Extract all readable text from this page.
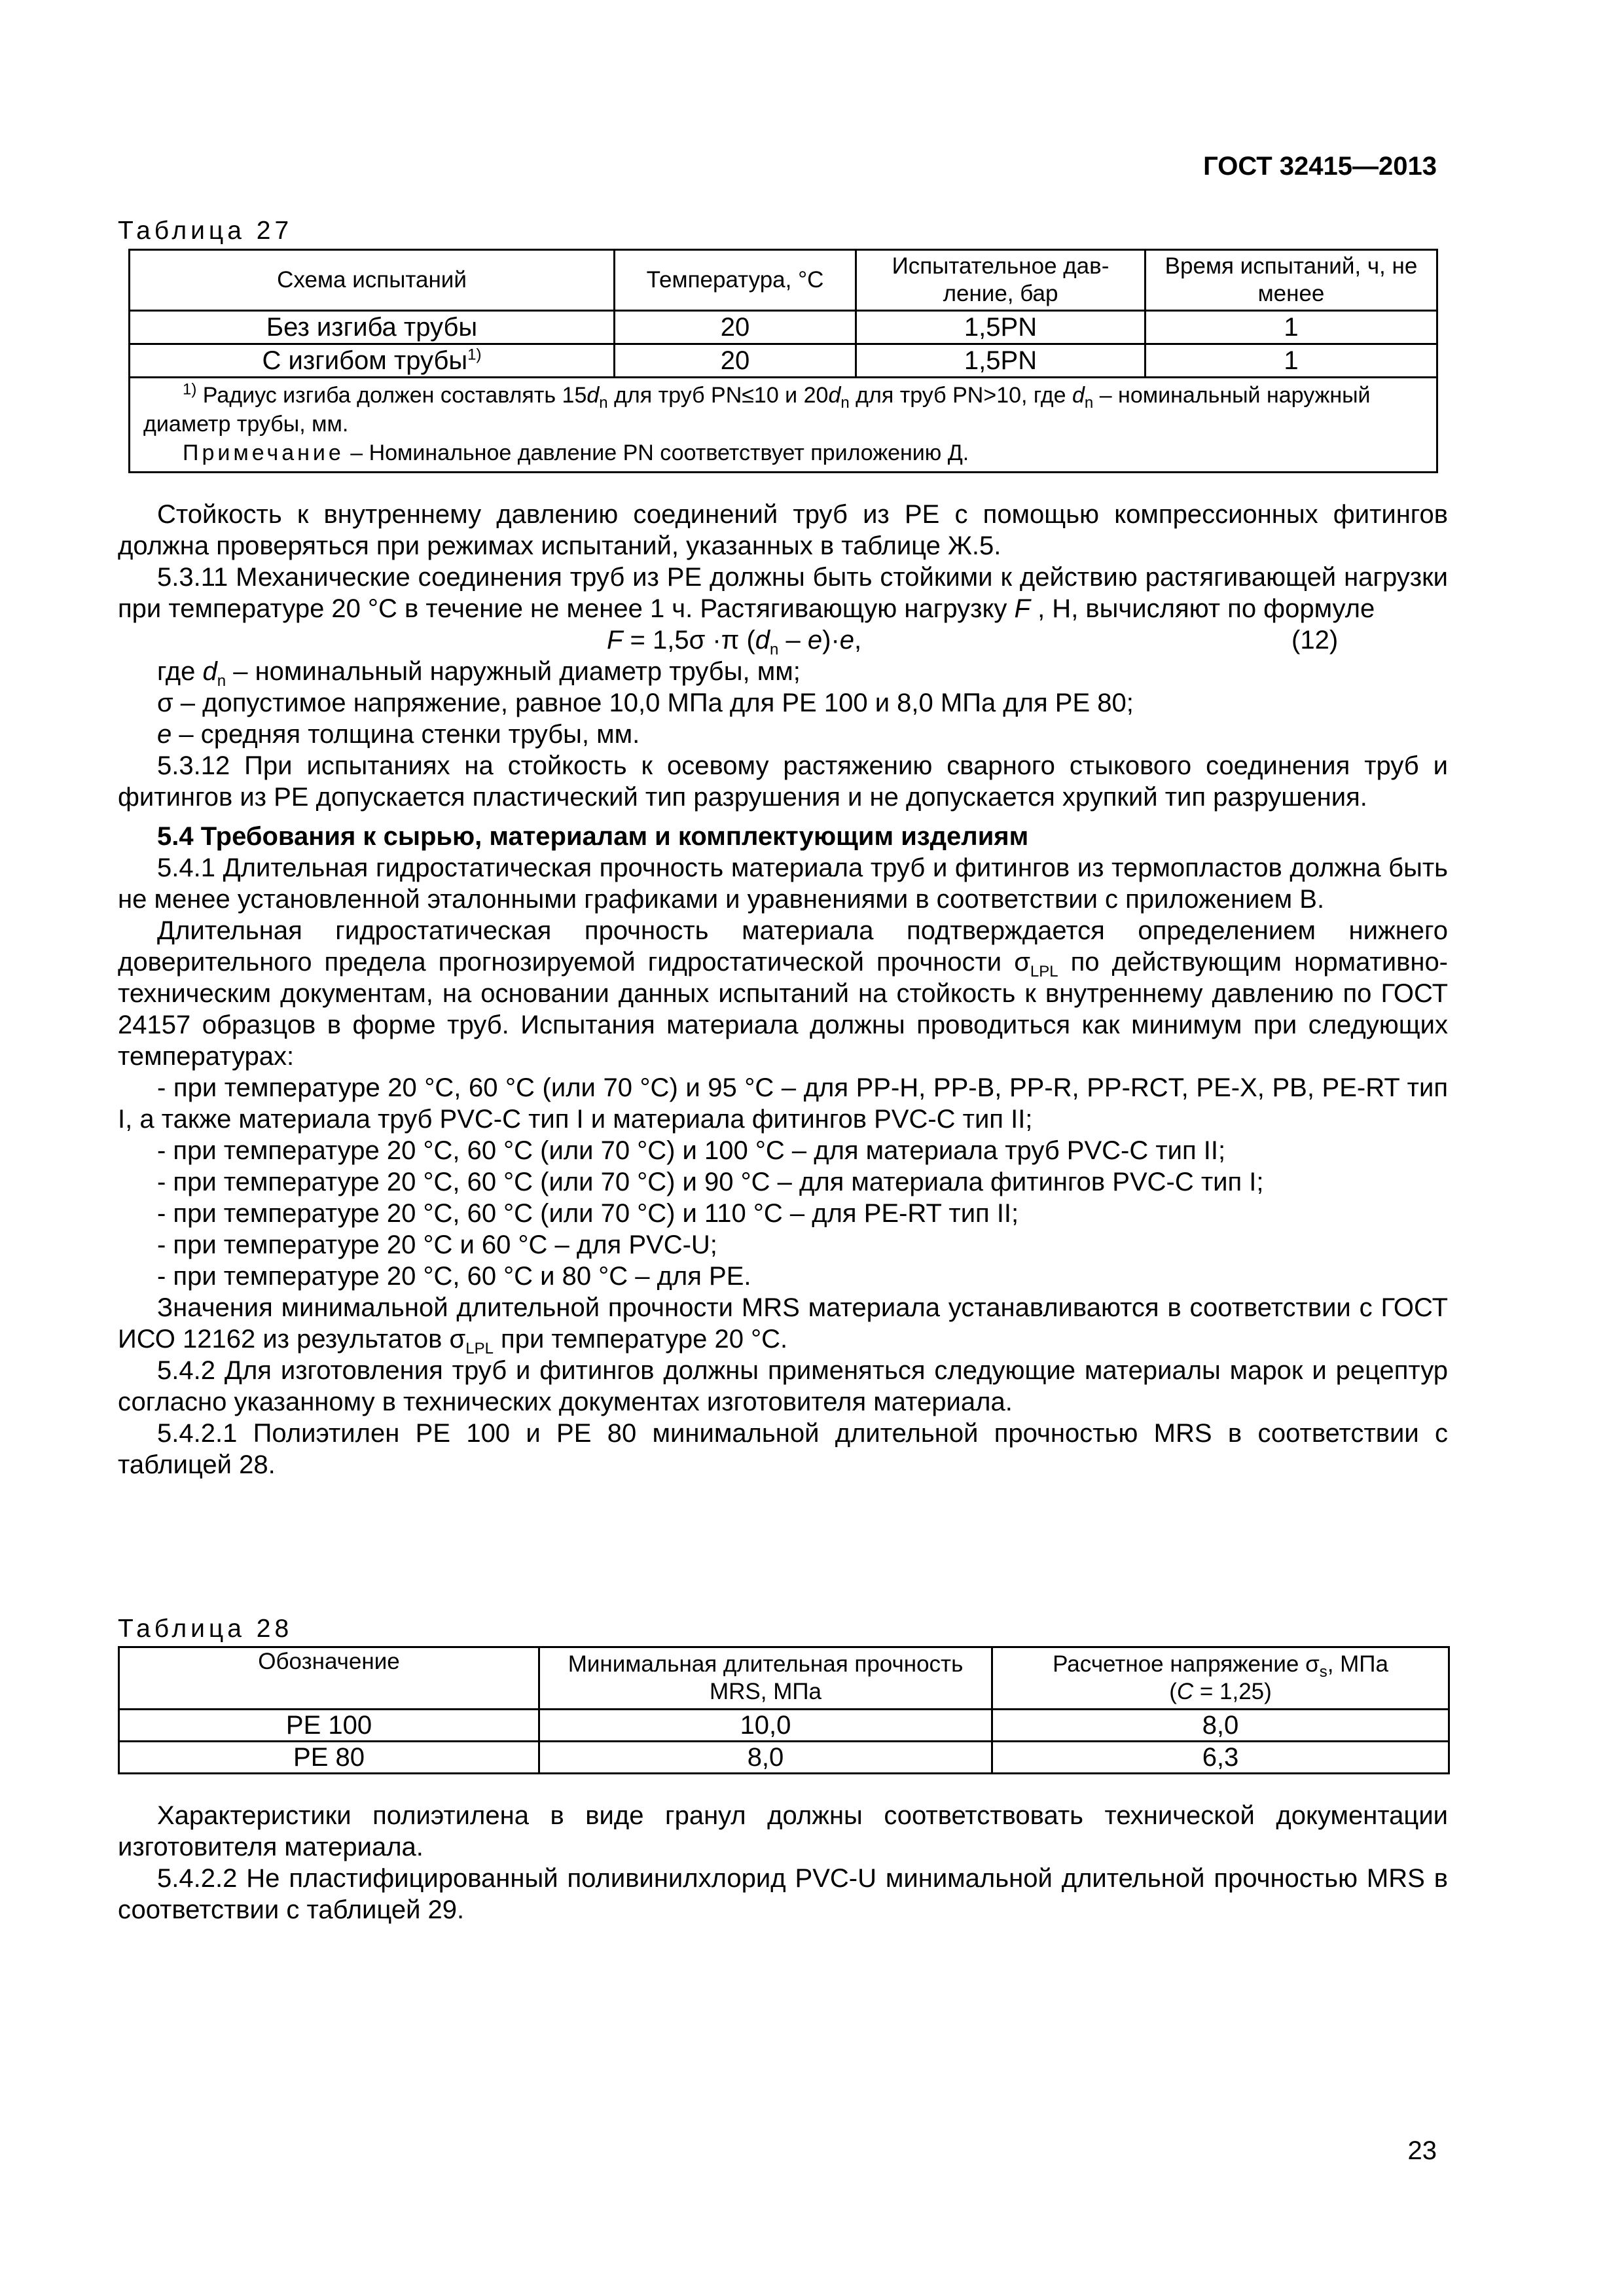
ГОСТ 32415—2013
Таблица 27
Схема испытаний	Температура, °С	Испытательное дав-ление, бар	Время испытаний, ч, не менее
Без изгиба трубы	20	1,5PN	1
С изгибом трубы$^{1)}$	20	1,5PN	1

$^{1)}$ Радиус изгиба должен составлять $15d_n$ для труб PN≤10 и $20d_n$ для труб PN>10, где $d_n$ – номинальный наружный диаметр трубы, мм.
Примечание – Номинальное давление PN соответствует приложению Д.			

Стойкость к внутреннему давлению соединений труб из PE с помощью компрессионных фитингов должна проверяться при режимах испытаний, указанных в таблице Ж.5.

5.3.11 Механические соединения труб из PE должны быть стойкими к действию растягивающей нагрузки при температуре 20 °С в течение не менее 1 ч. Растягивающую нагрузку F , Н, вычисляют по формуле

F = 1,5σ ·π $(d_n - e)\cdot e$,	(12)

где $d_n$ – номинальный наружный диаметр трубы, мм;

σ – допустимое напряжение, равное 10,0 МПа для PE 100 и 8,0 МПа для PE 80;

e – средняя толщина стенки трубы, мм.

5.3.12 При испытаниях на стойкость к осевому растяжению сварного стыкового соединения труб и фитингов из PE допускается пластический тип разрушения и не допускается хрупкий тип разрушения.

5.4 Требования к сырью, материалам и комплектующим изделиям

5.4.1 Длительная гидростатическая прочность материала труб и фитингов из термопластов должна быть не менее установленной эталонными графиками и уравнениями в соответствии с приложением В.

Длительная гидростатическая прочность материала подтверждается определением нижнего доверительного предела прогнозируемой гидростатической прочности $\sigma_{LPL}$ по действующим нормативно-техническим документам, на основании данных испытаний на стойкость к внутреннему давлению по ГОСТ 24157 образцов в форме труб. Испытания материала должны проводиться как минимум при следующих температурах:

- при температуре 20 °С, 60 °С (или 70 °С) и 95 °С – для PP-H, PP-B, PP-R, PP-RCT, PE-X, PB, PE-RT тип I, а также материала труб PVC-C тип I и материала фитингов PVC-C тип II;

- при температуре 20 °С, 60 °С (или 70 °С) и 100 °С – для материала труб PVC-C тип II;

- при температуре 20 °С, 60 °С (или 70 °С) и 90 °С – для материала фитингов PVC-C тип I;

- при температуре 20 °С, 60 °С (или 70 °С) и 110 °С – для PE-RT тип II;

- при температуре 20 °С и 60 °С – для PVC-U;

- при температуре 20 °С, 60 °С и 80 °С – для PE.

Значения минимальной длительной прочности MRS материала устанавливаются в соответствии с ГОСТ ИСО 12162 из результатов $\sigma_{LPL}$ при температуре 20 °С.

5.4.2 Для изготовления труб и фитингов должны применяться следующие материалы марок и рецептур согласно указанному в технических документах изготовителя материала.

5.4.2.1 Полиэтилен PE 100 и PE 80 минимальной длительной прочностью MRS в соответствии с таблицей 28.

Таблица 28
Обозначение	Минимальная длительная прочность MRS, МПа	Расчетное напряжение $\sigma_s$, МПа
(C = 1,25)
PE 100	10,0	8,0
PE 80	8,0	6,3

Характеристики полиэтилена в виде гранул должны соответствовать технической документации изготовителя материала.

5.4.2.2 Не пластифицированный поливинилхлорид PVC-U минимальной длительной прочностью MRS в соответствии с таблицей 29.

23
